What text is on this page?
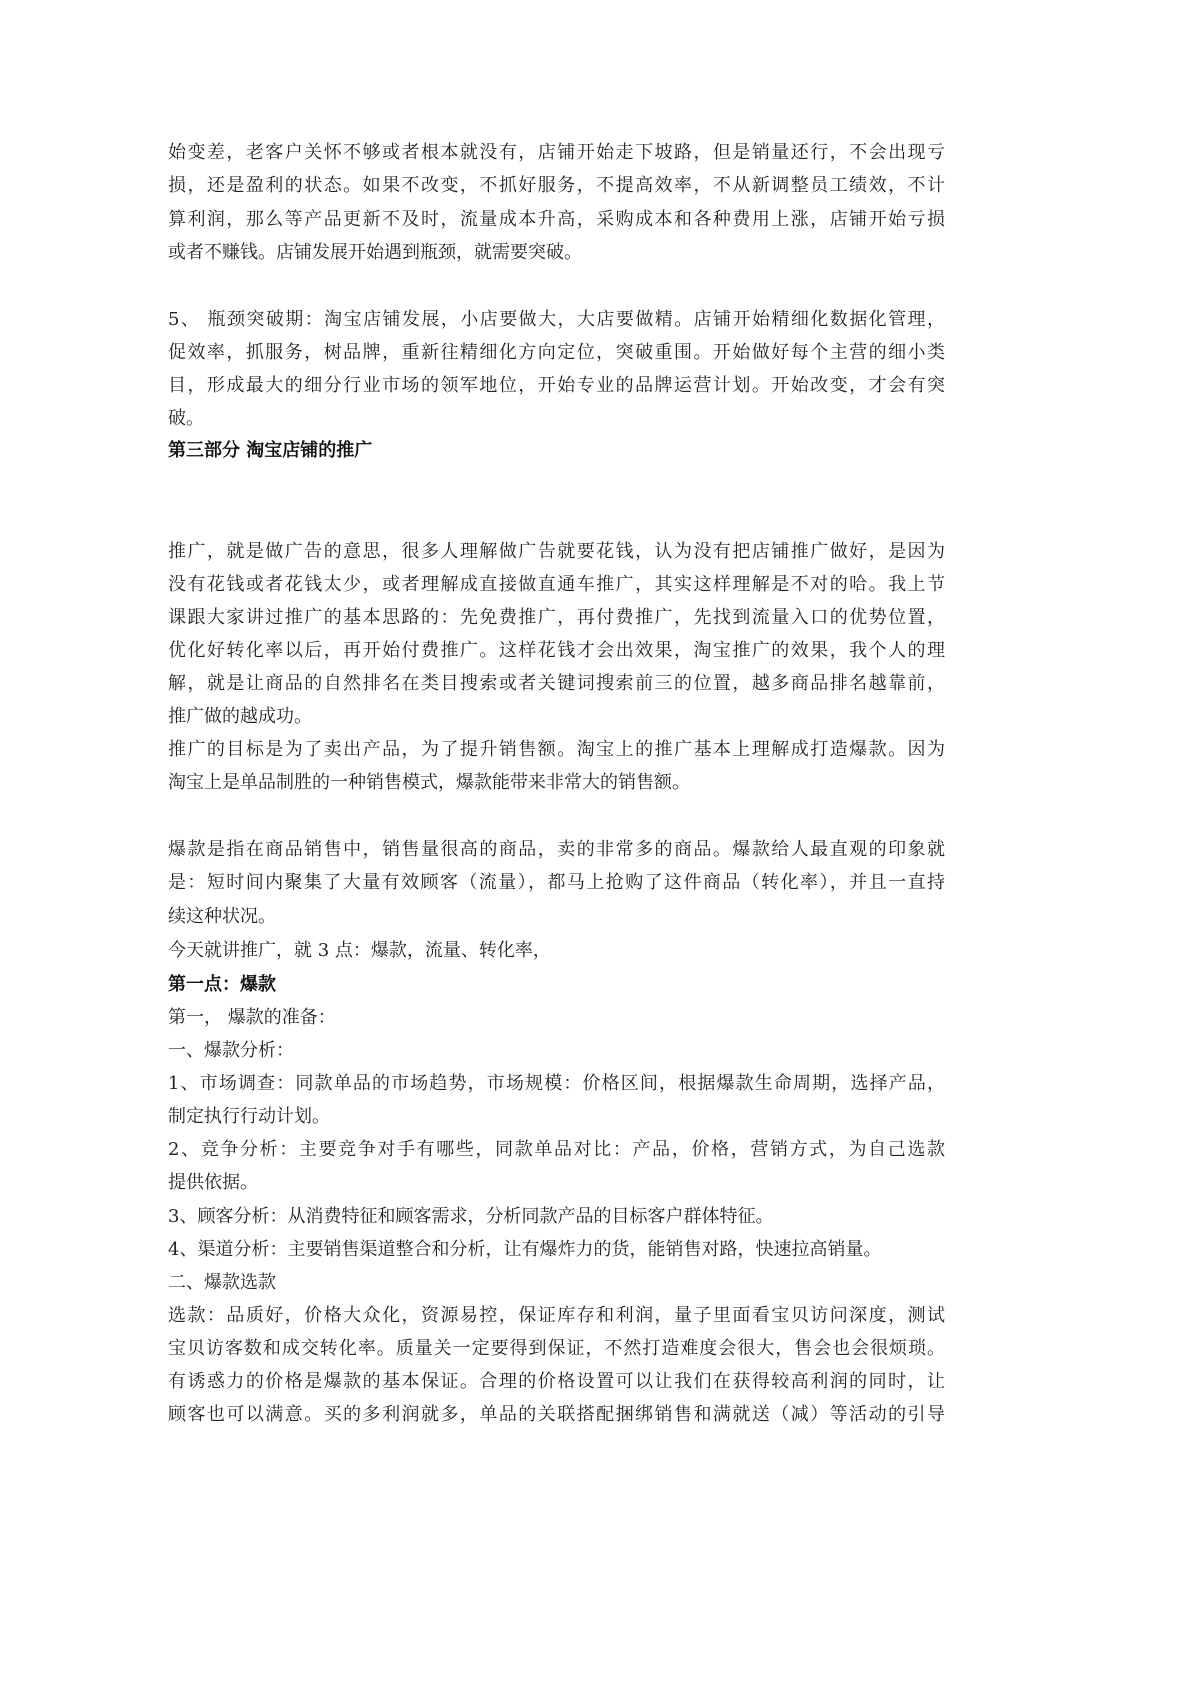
始变差，老客户关怀不够或者根本就没有，店铺开始走下坡路，但是销量还行，不会出现亏
损，还是盈利的状态。如果不改变，不抓好服务，不提高效率，不从新调整员工绩效，不计
算利润，那么等产品更新不及时，流量成本升高，采购成本和各种费用上涨，店铺开始亏损
或者不赚钱。店铺发展开始遇到瓶颈，就需要突破。
5、 瓶颈突破期：淘宝店铺发展，小店要做大，大店要做精。店铺开始精细化数据化管理，
促效率，抓服务，树品牌，重新往精细化方向定位，突破重围。开始做好每个主营的细小类
目，形成最大的细分行业市场的领军地位，开始专业的品牌运营计划。开始改变，才会有突
破。
第三部分 淘宝店铺的推广
推广，就是做广告的意思，很多人理解做广告就要花钱，认为没有把店铺推广做好，是因为
没有花钱或者花钱太少，或者理解成直接做直通车推广，其实这样理解是不对的哈。我上节
课跟大家讲过推广的基本思路的：先免费推广，再付费推广，先找到流量入口的优势位置，
优化好转化率以后，再开始付费推广。这样花钱才会出效果，淘宝推广的效果，我个人的理
解，就是让商品的自然排名在类目搜索或者关键词搜索前三的位置，越多商品排名越靠前，
推广做的越成功。
推广的目标是为了卖出产品，为了提升销售额。淘宝上的推广基本上理解成打造爆款。因为
淘宝上是单品制胜的一种销售模式，爆款能带来非常大的销售额。
爆款是指在商品销售中，销售量很高的商品，卖的非常多的商品。爆款给人最直观的印象就
是：短时间内聚集了大量有效顾客（流量），都马上抢购了这件商品（转化率），并且一直持
续这种状况。
今天就讲推广，就 3 点：爆款，流量、转化率，
第一点：爆款
第一， 爆款的准备：
一、爆款分析：
1、市场调查：同款单品的市场趋势，市场规模：价格区间，根据爆款生命周期，选择产品，
制定执行行动计划。
2、竞争分析：主要竞争对手有哪些，同款单品对比：产品，价格，营销方式，为自己选款
提供依据。
3、顾客分析：从消费特征和顾客需求，分析同款产品的目标客户群体特征。
4、渠道分析：主要销售渠道整合和分析，让有爆炸力的货，能销售对路，快速拉高销量。
二、爆款选款
选款：品质好，价格大众化，资源易控，保证库存和利润，量子里面看宝贝访问深度，测试
宝贝访客数和成交转化率。质量关一定要得到保证，不然打造难度会很大，售会也会很烦琐。
有诱惑力的价格是爆款的基本保证。合理的价格设置可以让我们在获得较高利润的同时，让
顾客也可以满意。买的多利润就多，单品的关联搭配捆绑销售和满就送（减）等活动的引导
